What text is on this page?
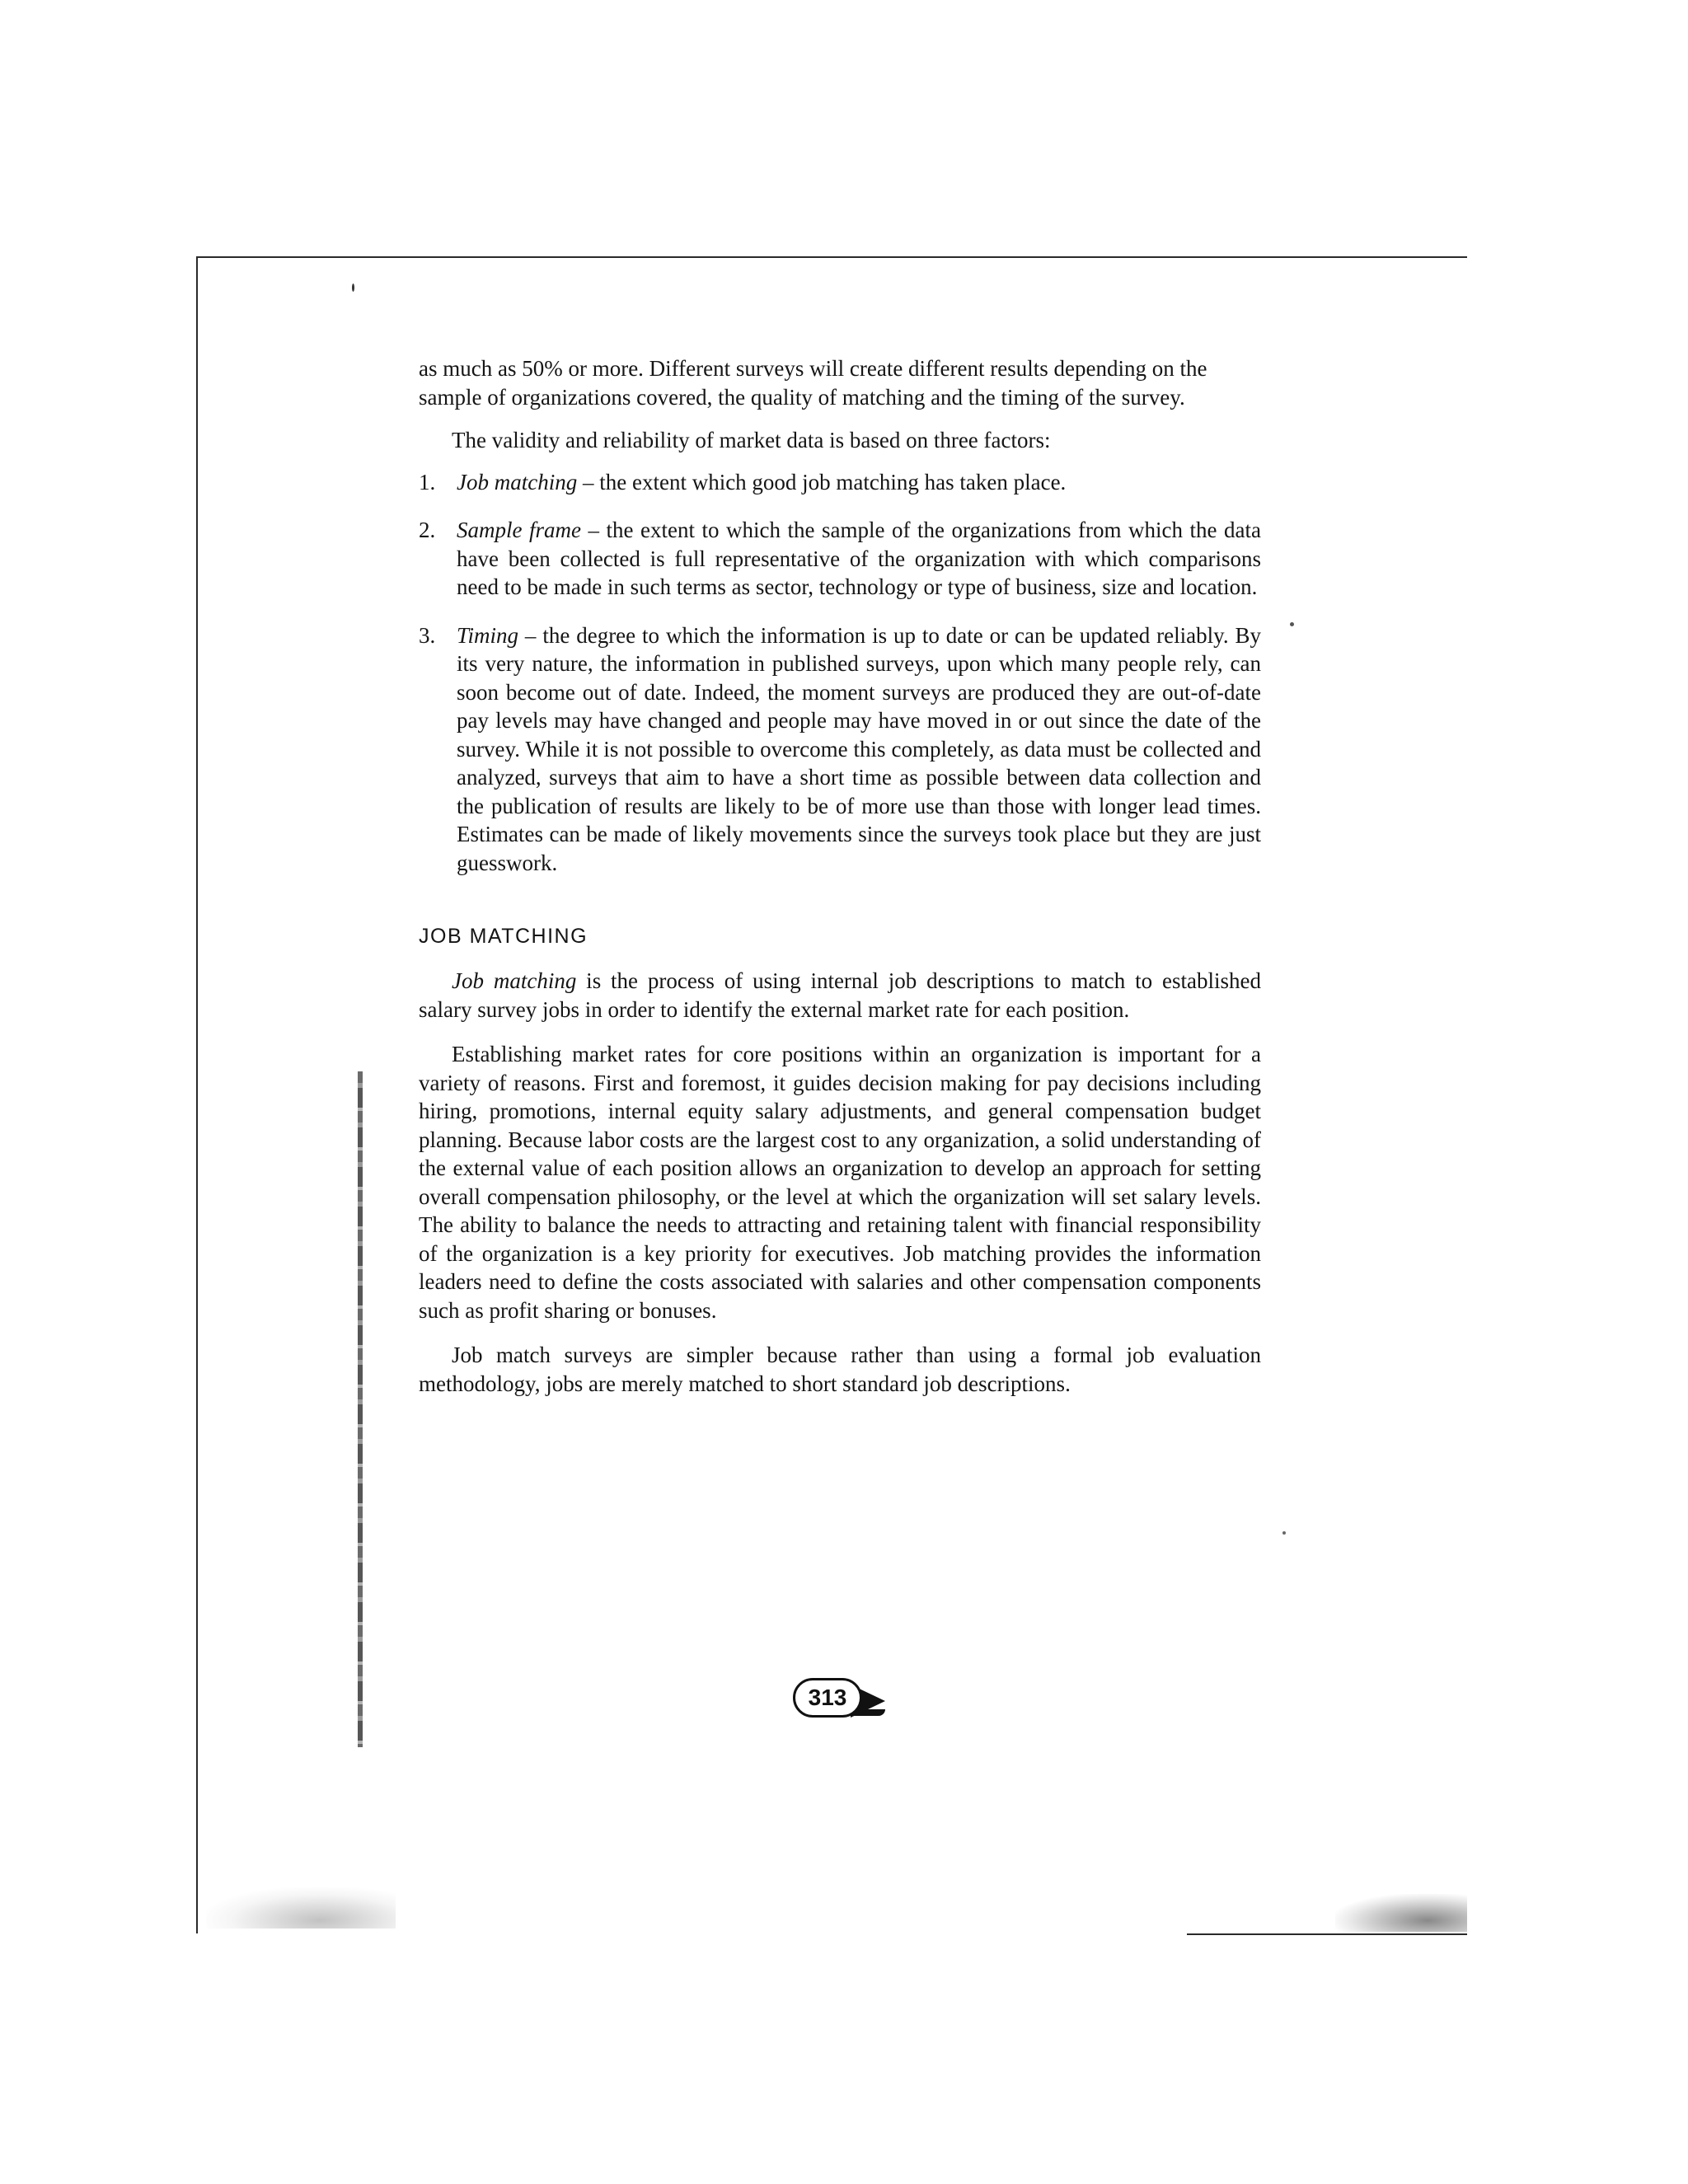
as much as 50% or more. Different surveys will create different results depending on the sample of organizations covered, the quality of matching and the timing of the survey.

The validity and reliability of market data is based on three factors:

1. Job matching – the extent which good job matching has taken place.

2. Sample frame – the extent to which the sample of the organizations from which the data have been collected is full representative of the organization with which comparisons need to be made in such terms as sector, technology or type of business, size and location.

3. Timing – the degree to which the information is up to date or can be updated reliably. By its very nature, the information in published surveys, upon which many people rely, can soon become out of date. Indeed, the moment surveys are produced they are out-of-date pay levels may have changed and people may have moved in or out since the date of the survey. While it is not possible to overcome this completely, as data must be collected and analyzed, surveys that aim to have a short time as possible between data collection and the publication of results are likely to be of more use than those with longer lead times. Estimates can be made of likely movements since the surveys took place but they are just guesswork.

JOB MATCHING

Job matching is the process of using internal job descriptions to match to established salary survey jobs in order to identify the external market rate for each position.

Establishing market rates for core positions within an organization is important for a variety of reasons. First and foremost, it guides decision making for pay decisions including hiring, promotions, internal equity salary adjustments, and general compensation budget planning. Because labor costs are the largest cost to any organization, a solid understanding of the external value of each position allows an organization to develop an approach for setting overall compensation philosophy, or the level at which the organization will set salary levels. The ability to balance the needs to attracting and retaining talent with financial responsibility of the organization is a key priority for executives. Job matching provides the information leaders need to define the costs associated with salaries and other compensation components such as profit sharing or bonuses.

Job match surveys are simpler because rather than using a formal job evaluation methodology, jobs are merely matched to short standard job descriptions.

313
